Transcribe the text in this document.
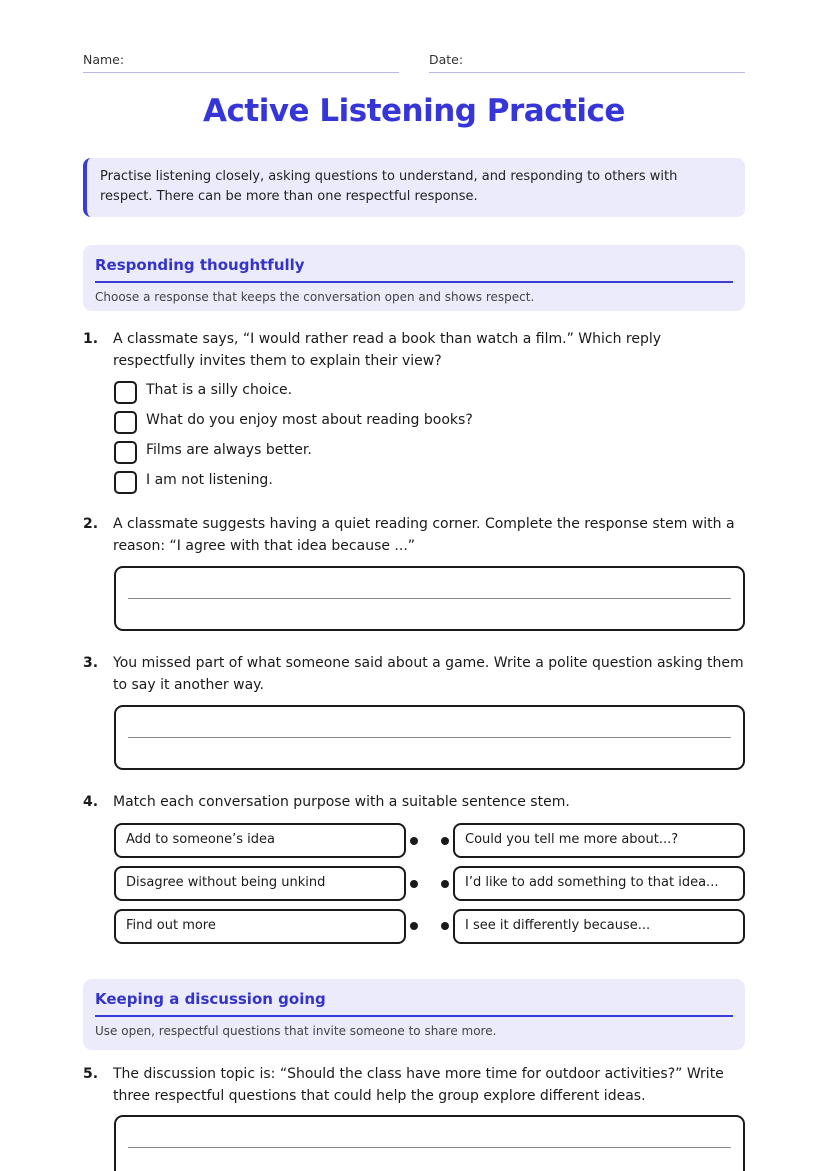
Name:	Date:
Active Listening Practice
Practise listening closely, asking questions to understand, and responding to others with respect. There can be more than one respectful response.
Responding thoughtfully
Choose a response that keeps the conversation open and shows respect.
1. A classmate says, “I would rather read a book than watch a film.” Which reply respectfully invites them to explain their view?
That is a silly choice.
What do you enjoy most about reading books?
Films are always better.
I am not listening.
2. A classmate suggests having a quiet reading corner. Complete the response stem with a reason: “I agree with that idea because ...”
3. You missed part of what someone said about a game. Write a polite question asking them to say it another way.
4. Match each conversation purpose with a suitable sentence stem.
Add to someone’s idea	Could you tell me more about...?
Disagree without being unkind	I’d like to add something to that idea...
Find out more	I see it differently because...
Keeping a discussion going
Use open, respectful questions that invite someone to share more.
5. The discussion topic is: “Should the class have more time for outdoor activities?” Write three respectful questions that could help the group explore different ideas.
